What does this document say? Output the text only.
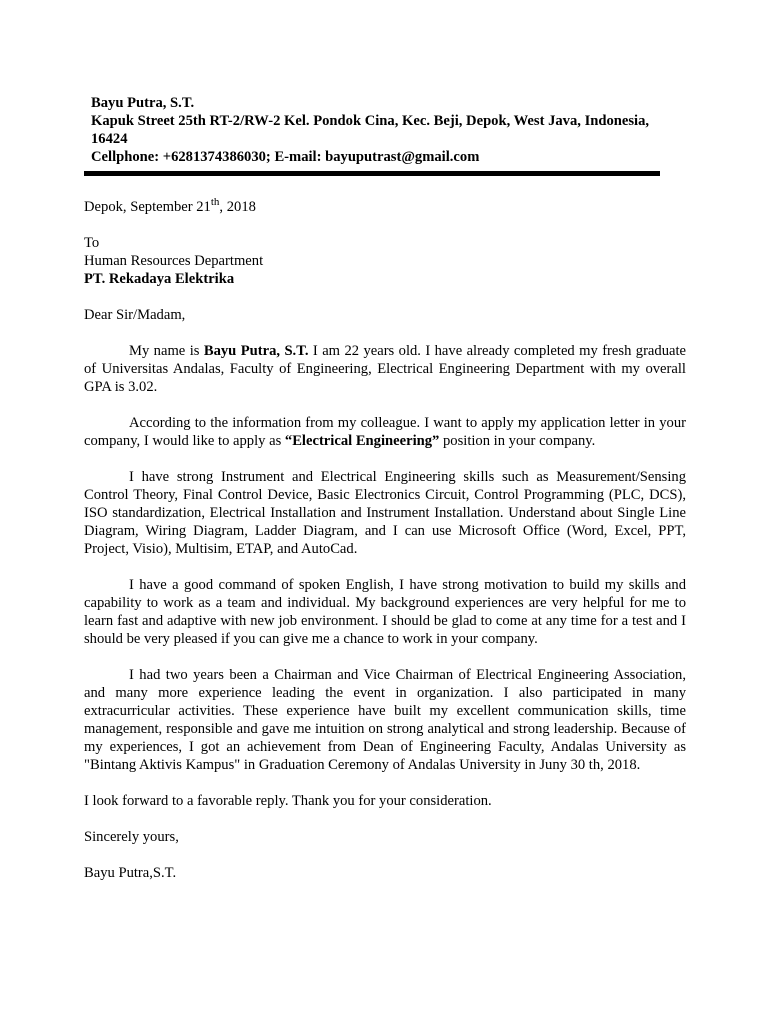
Bayu Putra, S.T.
Kapuk Street 25th RT-2/RW-2 Kel. Pondok Cina, Kec. Beji, Depok, West Java, Indonesia,
16424
Cellphone: +6281374386030; E-mail: bayuputrast@gmail.com
Depok, September 21th, 2018
To
Human Resources Department
PT. Rekadaya Elektrika

Dear Sir/Madam,

My name is Bayu Putra, S.T. I am 22 years old. I have already completed my fresh graduate of Universitas Andalas, Faculty of Engineering, Electrical Engineering Department with my overall GPA is 3.02.

According to the information from my colleague. I want to apply my application letter in your company, I would like to apply as “Electrical Engineering” position in your company.

I have strong Instrument and Electrical Engineering skills such as Measurement/Sensing Control Theory, Final Control Device, Basic Electronics Circuit, Control Programming (PLC, DCS), ISO standardization, Electrical Installation and Instrument Installation. Understand about Single Line Diagram, Wiring Diagram, Ladder Diagram, and I can use Microsoft Office (Word, Excel, PPT, Project, Visio), Multisim, ETAP, and AutoCad.

I have a good command of spoken English, I have strong motivation to build my skills and capability to work as a team and individual. My background experiences are very helpful for me to learn fast and adaptive with new job environment. I should be glad to come at any time for a test and I should be very pleased if you can give me a chance to work in your company.

I had two years been a Chairman and Vice Chairman of Electrical Engineering Association, and many more experience leading the event in organization. I also participated in many extracurricular activities. These experience have built my excellent communication skills, time management, responsible and gave me intuition on strong analytical and strong leadership. Because of my experiences, I got an achievement from Dean of Engineering Faculty, Andalas University as "Bintang Aktivis Kampus" in Graduation Ceremony of Andalas University in Juny 30 th, 2018.

I look forward to a favorable reply. Thank you for your consideration.

Sincerely yours,

Bayu Putra,S.T.
